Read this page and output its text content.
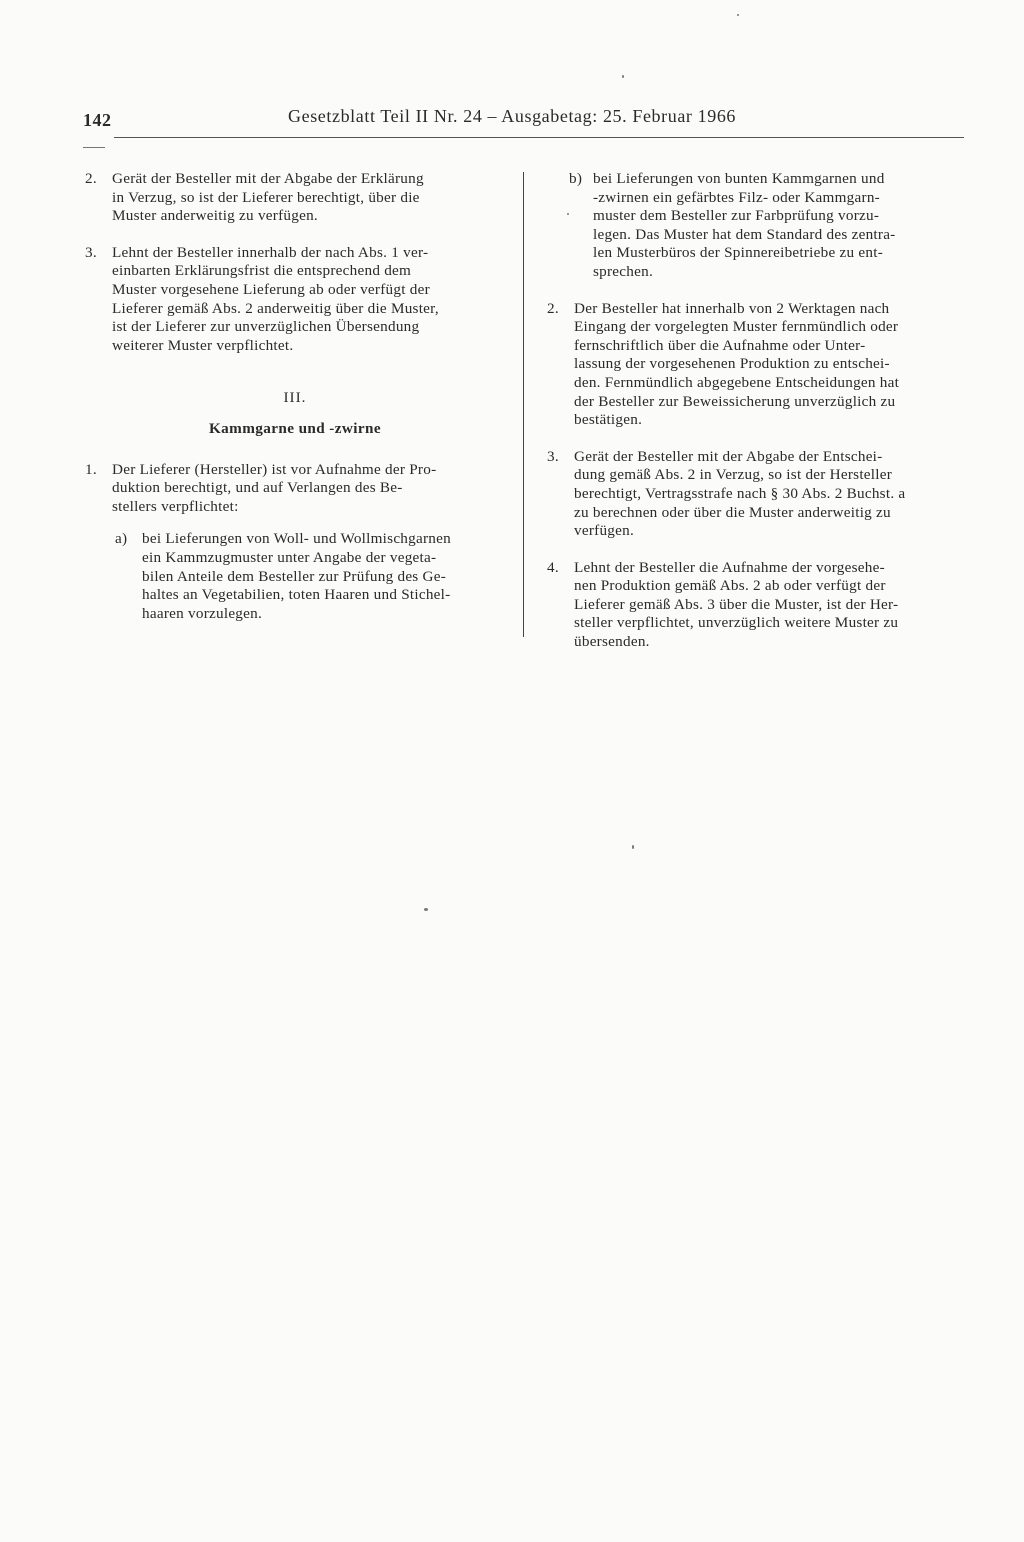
142	Gesetzblatt Teil II Nr. 24 – Ausgabetag: 25. Februar 1966
2. Gerät der Besteller mit der Abgabe der Erklärung
in Verzug, so ist der Lieferer berechtigt, über die
Muster anderweitig zu verfügen.
3. Lehnt der Besteller innerhalb der nach Abs. 1 ver-
einbarten Erklärungsfrist die entsprechend dem
Muster vorgesehene Lieferung ab oder verfügt der
Lieferer gemäß Abs. 2 anderweitig über die Muster,
ist der Lieferer zur unverzüglichen Übersendung
weiterer Muster verpflichtet.
III.
Kammgarne und -zwirne
1. Der Lieferer (Hersteller) ist vor Aufnahme der Pro-
duktion berechtigt, und auf Verlangen des Be-
stellers verpflichtet:
a) bei Lieferungen von Woll- und Wollmischgarnen
ein Kammzugmuster unter Angabe der vegeta-
bilen Anteile dem Besteller zur Prüfung des Ge-
haltes an Vegetabilien, toten Haaren und Stichel-
haaren vorzulegen.
b) bei Lieferungen von bunten Kammgarnen und
-zwirnen ein gefärbtes Filz- oder Kammgarn-
muster dem Besteller zur Farbprüfung vorzu-
legen. Das Muster hat dem Standard des zentra-
len Musterbüros der Spinnereibetriebe zu ent-
sprechen.
2. Der Besteller hat innerhalb von 2 Werktagen nach
Eingang der vorgelegten Muster fernmündlich oder
fernschriftlich über die Aufnahme oder Unter-
lassung der vorgesehenen Produktion zu entschei-
den. Fernmündlich abgegebene Entscheidungen hat
der Besteller zur Beweissicherung unverzüglich zu
bestätigen.
3. Gerät der Besteller mit der Abgabe der Entschei-
dung gemäß Abs. 2 in Verzug, so ist der Hersteller
berechtigt, Vertragsstrafe nach § 30 Abs. 2 Buchst. a
zu berechnen oder über die Muster anderweitig zu
verfügen.
4. Lehnt der Besteller die Aufnahme der vorgesehe-
nen Produktion gemäß Abs. 2 ab oder verfügt der
Lieferer gemäß Abs. 3 über die Muster, ist der Her-
steller verpflichtet, unverzüglich weitere Muster zu
übersenden.
